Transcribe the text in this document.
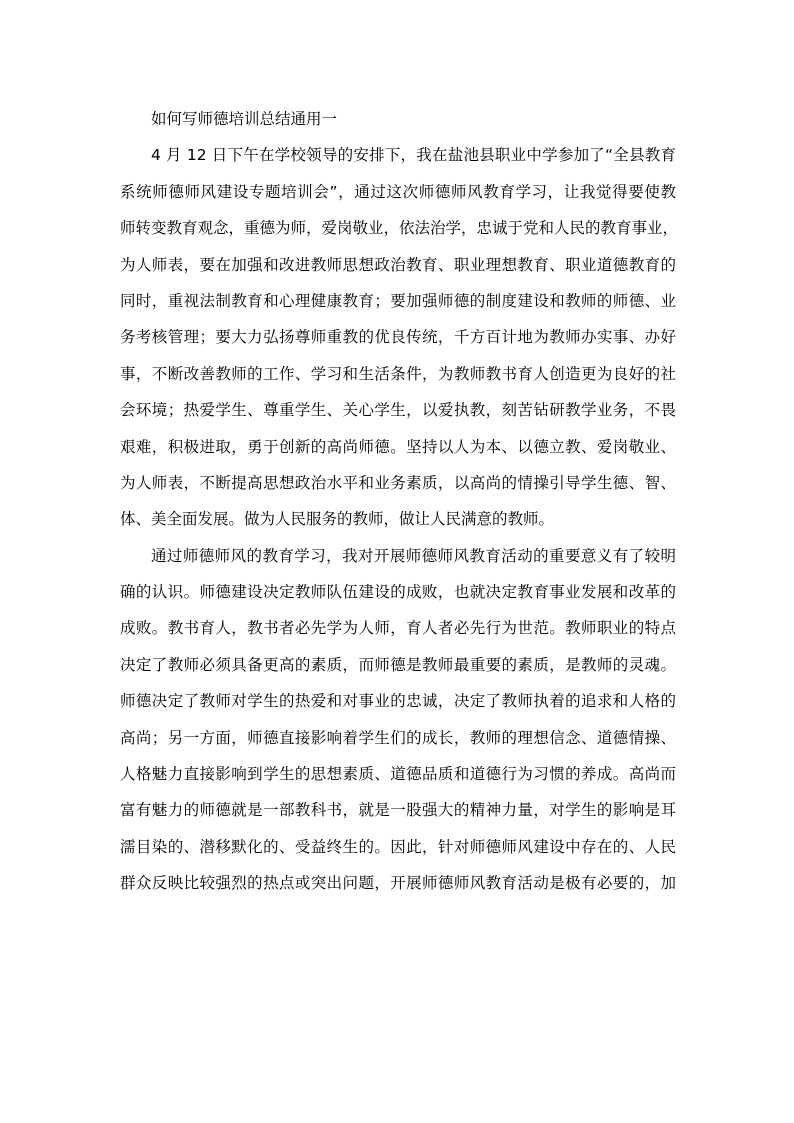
如何写师德培训总结通用一
4 月 12 日下午在学校领导的安排下，我在盐池县职业中学参加了“全县教育
系统师德师风建设专题培训会”，通过这次师德师风教育学习，让我觉得要使教
师转变教育观念，重德为师，爱岗敬业，依法治学，忠诚于党和人民的教育事业，
为人师表，要在加强和改进教师思想政治教育、职业理想教育、职业道德教育的
同时，重视法制教育和心理健康教育；要加强师德的制度建设和教师的师德、业
务考核管理；要大力弘扬尊师重教的优良传统，千方百计地为教师办实事、办好
事，不断改善教师的工作、学习和生活条件，为教师教书育人创造更为良好的社
会环境；热爱学生、尊重学生、关心学生，以爱执教，刻苦钻研教学业务，不畏
艰难，积极进取，勇于创新的高尚师德。坚持以人为本、以德立教、爱岗敬业、
为人师表，不断提高思想政治水平和业务素质，以高尚的情操引导学生德、智、
体、美全面发展。做为人民服务的教师，做让人民满意的教师。
通过师德师风的教育学习，我对开展师德师风教育活动的重要意义有了较明
确的认识。师德建设决定教师队伍建设的成败，也就决定教育事业发展和改革的
成败。教书育人，教书者必先学为人师，育人者必先行为世范。教师职业的特点
决定了教师必须具备更高的素质，而师德是教师最重要的素质，是教师的灵魂。
师德决定了教师对学生的热爱和对事业的忠诚，决定了教师执着的追求和人格的
高尚；另一方面，师德直接影响着学生们的成长，教师的理想信念、道德情操、
人格魅力直接影响到学生的思想素质、道德品质和道德行为习惯的养成。高尚而
富有魅力的师德就是一部教科书，就是一股强大的精神力量，对学生的影响是耳
濡目染的、潜移默化的、受益终生的。因此，针对师德师风建设中存在的、人民
群众反映比较强烈的热点或突出问题，开展师德师风教育活动是极有必要的，加
